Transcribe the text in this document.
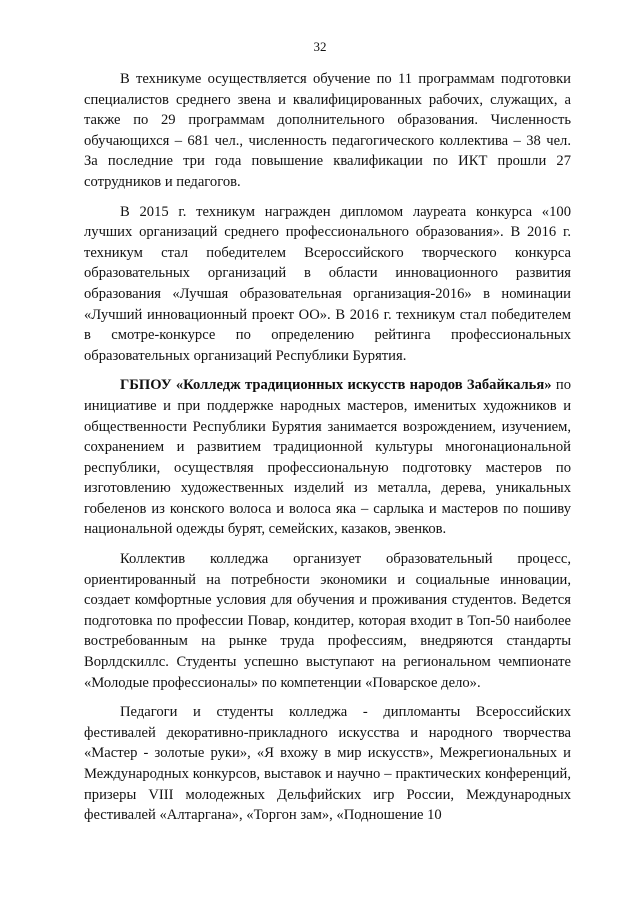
32

В техникуме осуществляется обучение по 11 программам подготовки специалистов среднего звена и квалифицированных рабочих, служащих, а также по 29 программам дополнительного образования. Численность обучающихся – 681 чел., численность педагогического коллектива – 38 чел. За последние три года повышение квалификации по ИКТ прошли 27 сотрудников и педагогов.

В 2015 г. техникум награжден дипломом лауреата конкурса «100 лучших организаций среднего профессионального образования». В 2016 г. техникум стал победителем Всероссийского творческого конкурса образовательных организаций в области инновационного развития образования «Лучшая образовательная организация-2016» в номинации «Лучший инновационный проект ОО». В 2016 г. техникум стал победителем в смотре-конкурсе по определению рейтинга профессиональных образовательных организаций Республики Бурятия.

ГБПОУ «Колледж традиционных искусств народов Забайкалья» по инициативе и при поддержке народных мастеров, именитых художников и общественности Республики Бурятия занимается возрождением, изучением, сохранением и развитием традиционной культуры многонациональной республики, осуществляя профессиональную подготовку мастеров по изготовлению художественных изделий из металла, дерева, уникальных гобеленов из конского волоса и волоса яка – сарлыка и мастеров по пошиву национальной одежды бурят, семейских, казаков, эвенков.

Коллектив колледжа организует образовательный процесс, ориентированный на потребности экономики и социальные инновации, создает комфортные условия для обучения и проживания студентов. Ведется подготовка по профессии Повар, кондитер, которая входит в Топ-50 наиболее востребованным на рынке труда профессиям, внедряются стандарты Ворлдскиллс. Студенты успешно выступают на региональном чемпионате «Молодые профессионалы» по компетенции «Поварское дело».

Педагоги и студенты колледжа - дипломанты Всероссийских фестивалей декоративно-прикладного искусства и народного творчества «Мастер - золотые руки», «Я вхожу в мир искусств», Межрегиональных и Международных конкурсов, выставок и научно – практических конференций, призеры VIII молодежных Дельфийских игр России, Международных фестивалей «Алтаргана», «Торгон зам», «Подношение 10
